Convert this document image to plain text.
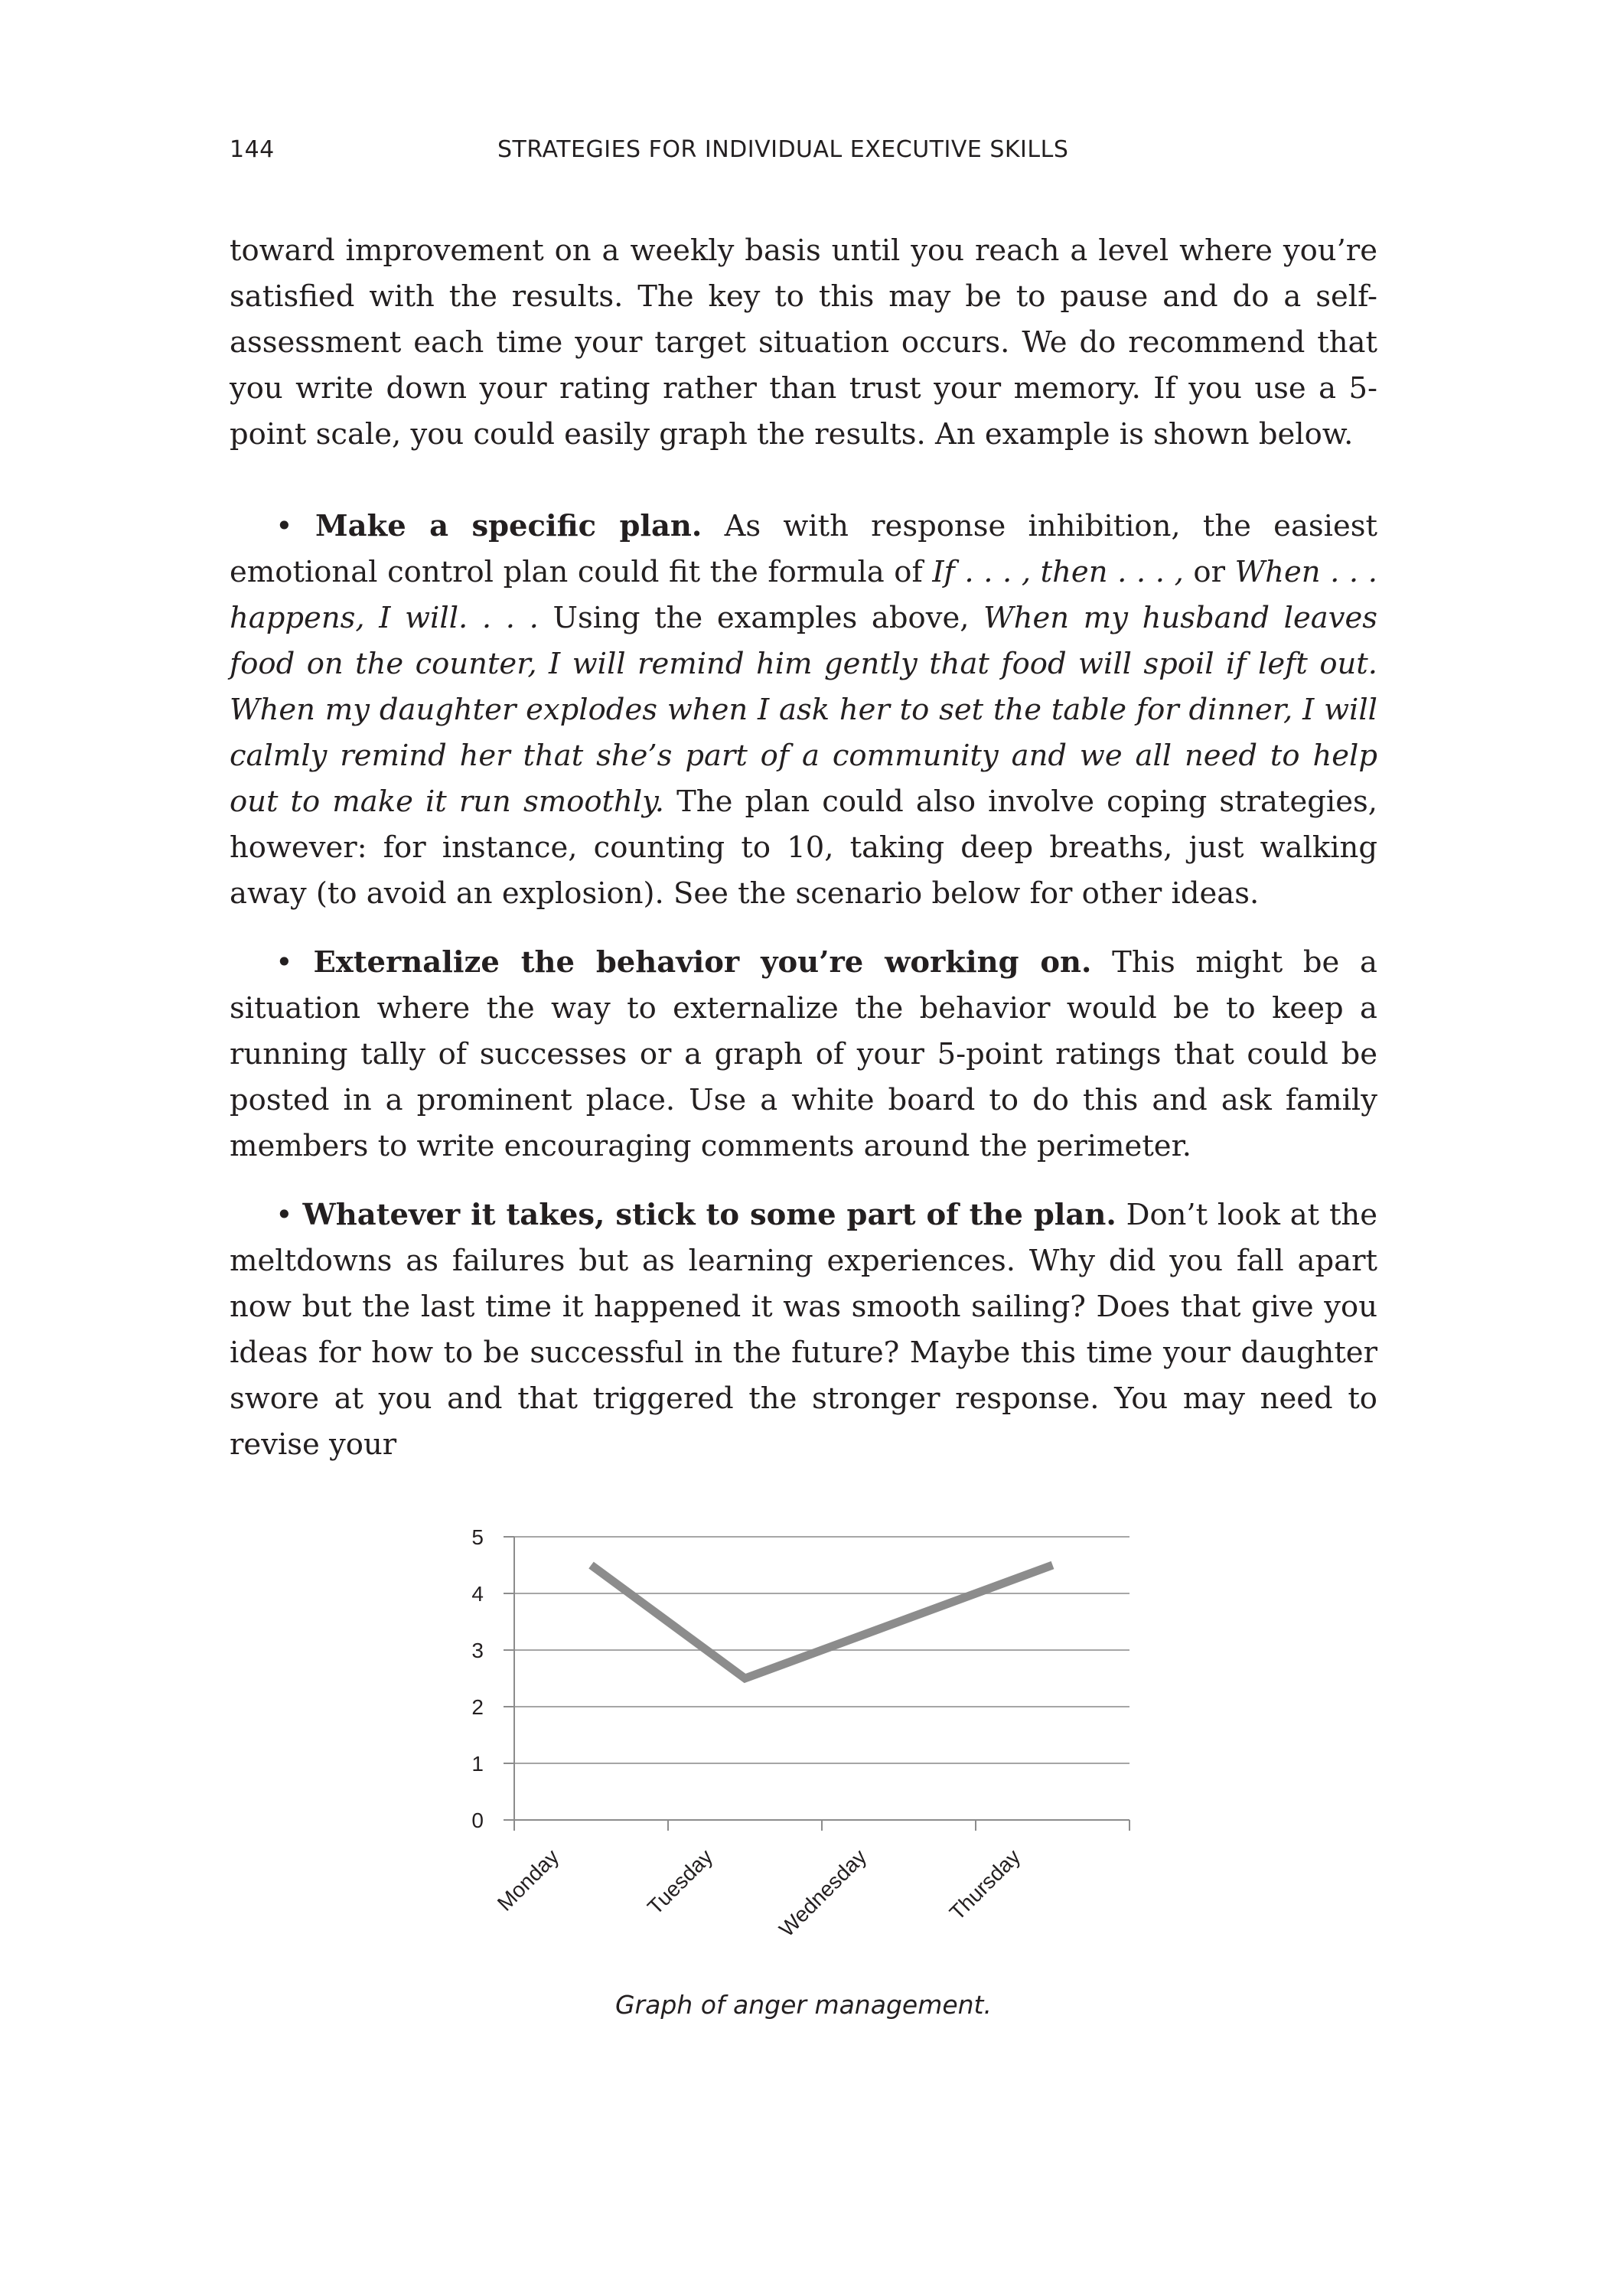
144	STRATEGIES FOR INDIVIDUAL EXECUTIVE SKILLS

toward improvement on a weekly basis until you reach a level where you’re satisfied with the results. The key to this may be to pause and do a self-assessment each time your target situation occurs. We do recommend that you write down your rating rather than trust your memory. If you use a 5-point scale, you could easily graph the results. An example is shown below.

• Make a specific plan. As with response inhibition, the easiest emotional control plan could fit the formula of If . . . , then . . . , or When . . . happens, I will. . . . Using the examples above, When my husband leaves food on the counter, I will remind him gently that food will spoil if left out. When my daughter explodes when I ask her to set the table for dinner, I will calmly remind her that she’s part of a community and we all need to help out to make it run smoothly. The plan could also involve coping strategies, however: for instance, counting to 10, taking deep breaths, just walking away (to avoid an explosion). See the scenario below for other ideas.

• Externalize the behavior you’re working on. This might be a situation where the way to externalize the behavior would be to keep a running tally of successes or a graph of your 5-point ratings that could be posted in a prominent place. Use a white board to do this and ask family members to write encouraging comments around the perimeter.

• Whatever it takes, stick to some part of the plan. Don’t look at the meltdowns as failures but as learning experiences. Why did you fall apart now but the last time it happened it was smooth sailing? Does that give you ideas for how to be successful in the future? Maybe this time your daughter swore at you and that triggered the stronger response. You may need to revise your

0
1
2
3
4
5
Monday	Tuesday	Wednesday	Thursday
Graph of anger management.
